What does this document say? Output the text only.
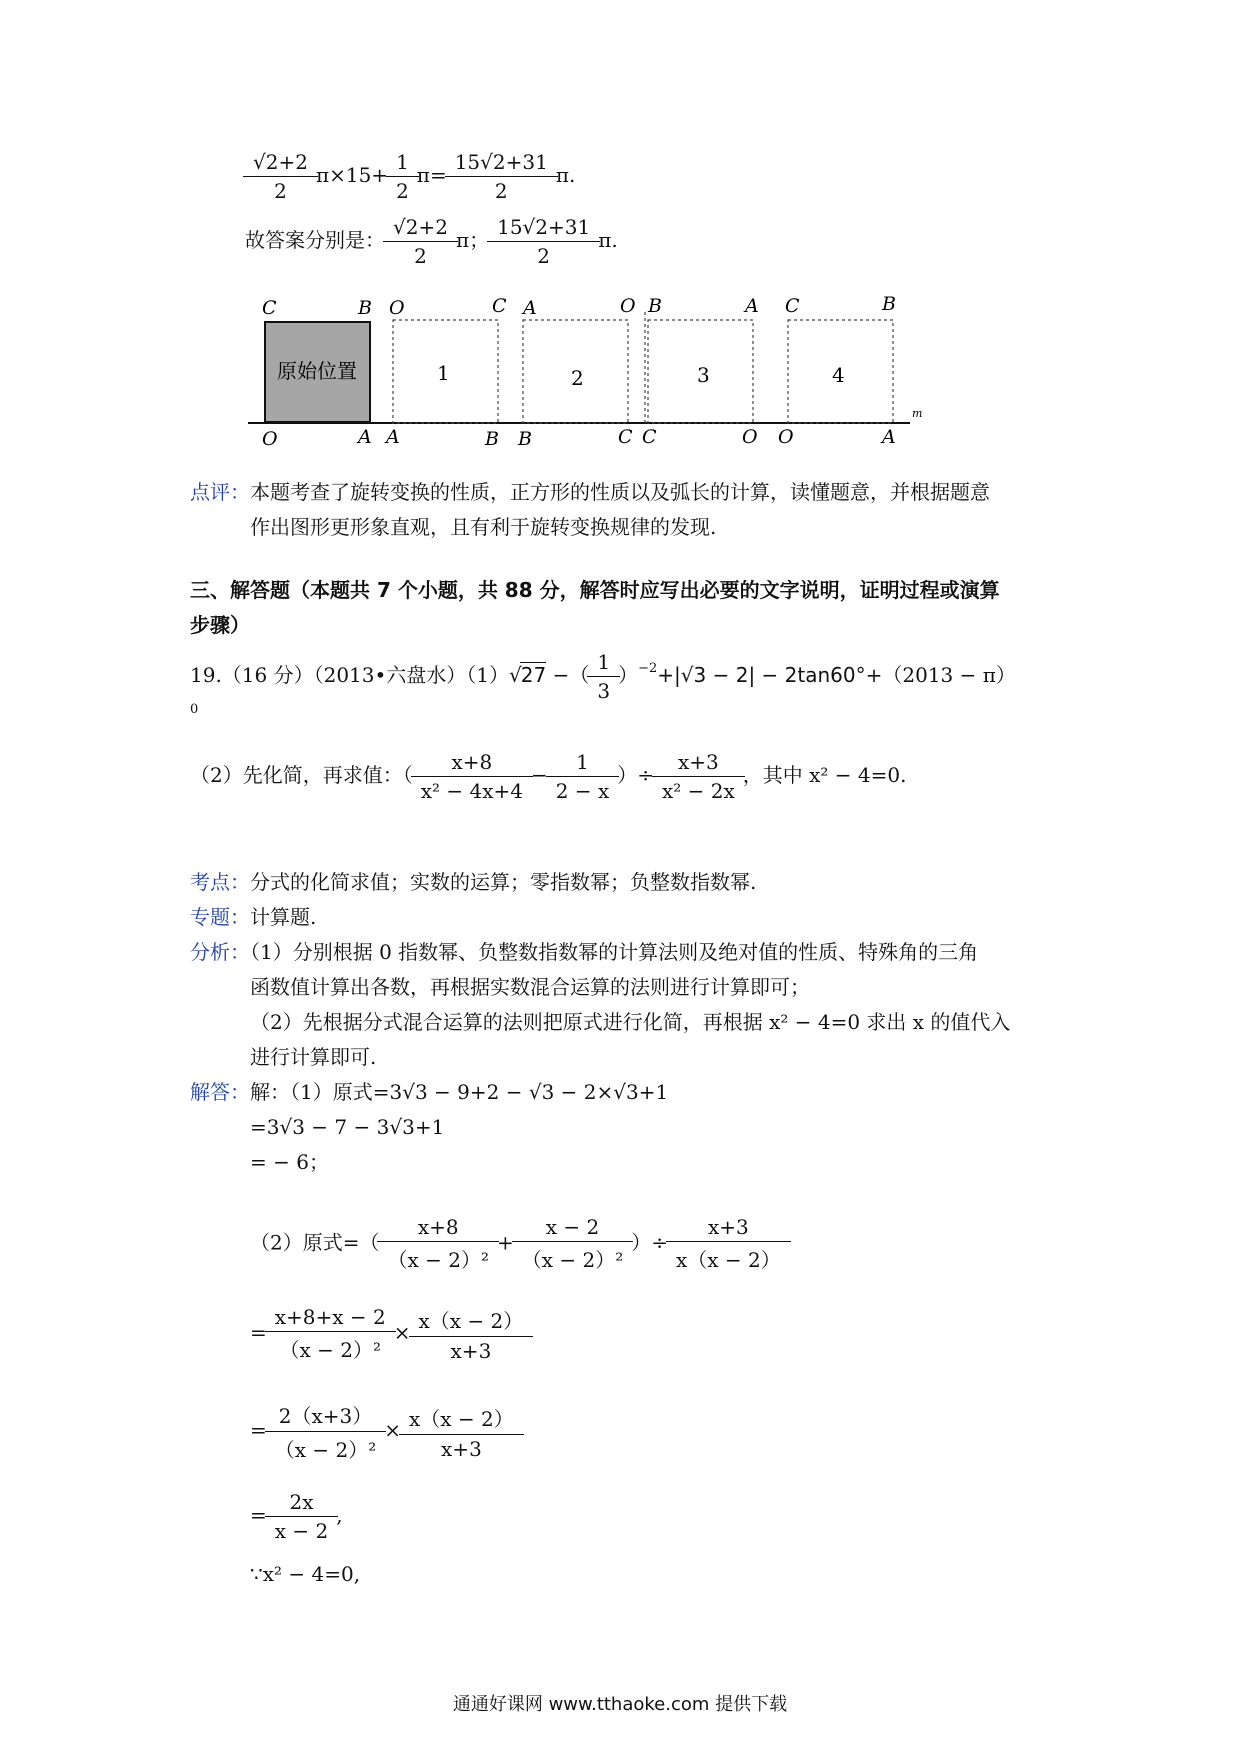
$\frac{√2+2}{2} \pi\times 15+ \frac{1}{2} \pi= \frac{15√2+31}{2} \pi$.
故答案分别是： $\frac{√2+2}{2}$ π； $\frac{15√2+31}{2} \pi$.
m
原始位置	1	2	3	4
C	B O	C A	O B	A C	B
O	A A	B B	C C	O O	A
点评：本题考查了旋转变换的性质，正方形的性质以及弧长的计算，读懂题意，并根据题意
作出图形更形象直观，且有利于旋转变换规律的发现.
三、解答题（本题共 7 个小题，共 88 分，解答时应写出必要的文字说明，证明过程或演算
步骤）
19.（16 分）（2013•六盘水）（1）√27 −（ $\frac{1}{3} )^{-2}+|√3 - 2| - 2\tan 60^\circ+(2013 - \pi)$
0
（2）先化简，再求值：（ $\frac{x+8}{\text{x² − 4x+4}} - \frac{1}{2 - x}$ ）÷ $\frac{x+3}{\text{x² − 2x}}$ ，其中 x² − 4=0.
考点：分式的化简求值；实数的运算；零指数幂；负整数指数幂.
专题：计算题.
分析：（1）分别根据 0 指数幂、负整数指数幂的计算法则及绝对值的性质、特殊角的三角
函数值计算出各数，再根据实数混合运算的法则进行计算即可；
（2）先根据分式混合运算的法则把原式进行化简，再根据 x² − 4=0 求出 x 的值代入
进行计算即可.
解答：解：（1）原式=3√3 − 9+2 − √3 − 2×√3+1
=3√3 − 7 − 3√3+1
= − 6；
（2）原式=（ $\frac{x+8}{\text{（x − 2）²}} + \frac{x - 2}{\text{（x − 2）²}}$ ）÷ $\frac{x+3}{x(x - 2)}$
= $\frac{x+8+x - 2}{\text{（x − 2）²}} \times \frac{x(x - 2)}{x+3}$
= $\frac{2(x+3)}{\text{（x − 2）²}} \times \frac{x(x - 2)}{x+3}$
= $\frac{2x}{x - 2}$ ,
∵x² − 4=0,
通通好课网 www.tthaoke.com 提供下载
